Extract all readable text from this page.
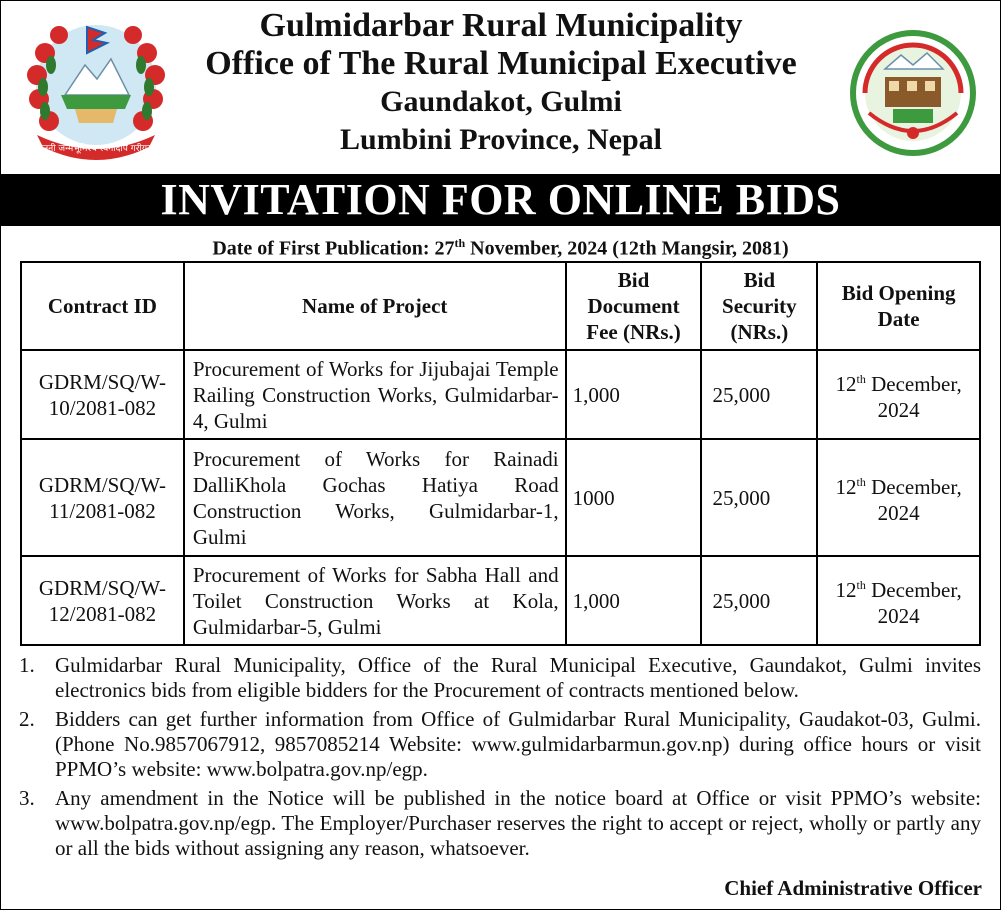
जननी जन्मभूमिश्च स्वर्गादपि गरीयसी
Gulmidarbar Rural Municipality
Office of The Rural Municipal Executive
Gaundakot, Gulmi
Lumbini Province, Nepal
INVITATION FOR ONLINE BIDS
Date of First Publication: 27th November, 2024 (12th Mangsir, 2081)
Contract ID	Name of Project	Bid Document Fee (NRs.)	Bid Security (NRs.)	Bid Opening Date
GDRM/SQ/W-10/2081-082	Procurement of Works for Jijubajai Temple Railing Construction Works, Gulmidarbar-4, Gulmi	1,000	25,000	12th December, 2024
GDRM/SQ/W-11/2081-082	Procurement of Works for Rainadi DalliKhola Gochas Hatiya Road Construction Works, Gulmidarbar-1, Gulmi	1000	25,000	12th December, 2024
GDRM/SQ/W-12/2081-082	Procurement of Works for Sabha Hall and Toilet Construction Works at Kola, Gulmidarbar-5, Gulmi	1,000	25,000	12th December, 2024
1. Gulmidarbar Rural Municipality, Office of the Rural Municipal Executive, Gaundakot, Gulmi invites electronics bids from eligible bidders for the Procurement of contracts mentioned below.
2. Bidders can get further information from Office of Gulmidarbar Rural Municipality, Gaudakot-03, Gulmi. (Phone No.9857067912, 9857085214 Website: www.gulmidarbarmun.gov.np) during office hours or visit PPMO’s website: www.bolpatra.gov.np/egp.
3. Any amendment in the Notice will be published in the notice board at Office or visit PPMO’s website: www.bolpatra.gov.np/egp. The Employer/Purchaser reserves the right to accept or reject, wholly or partly any or all the bids without assigning any reason, whatsoever.
Chief Administrative Officer
